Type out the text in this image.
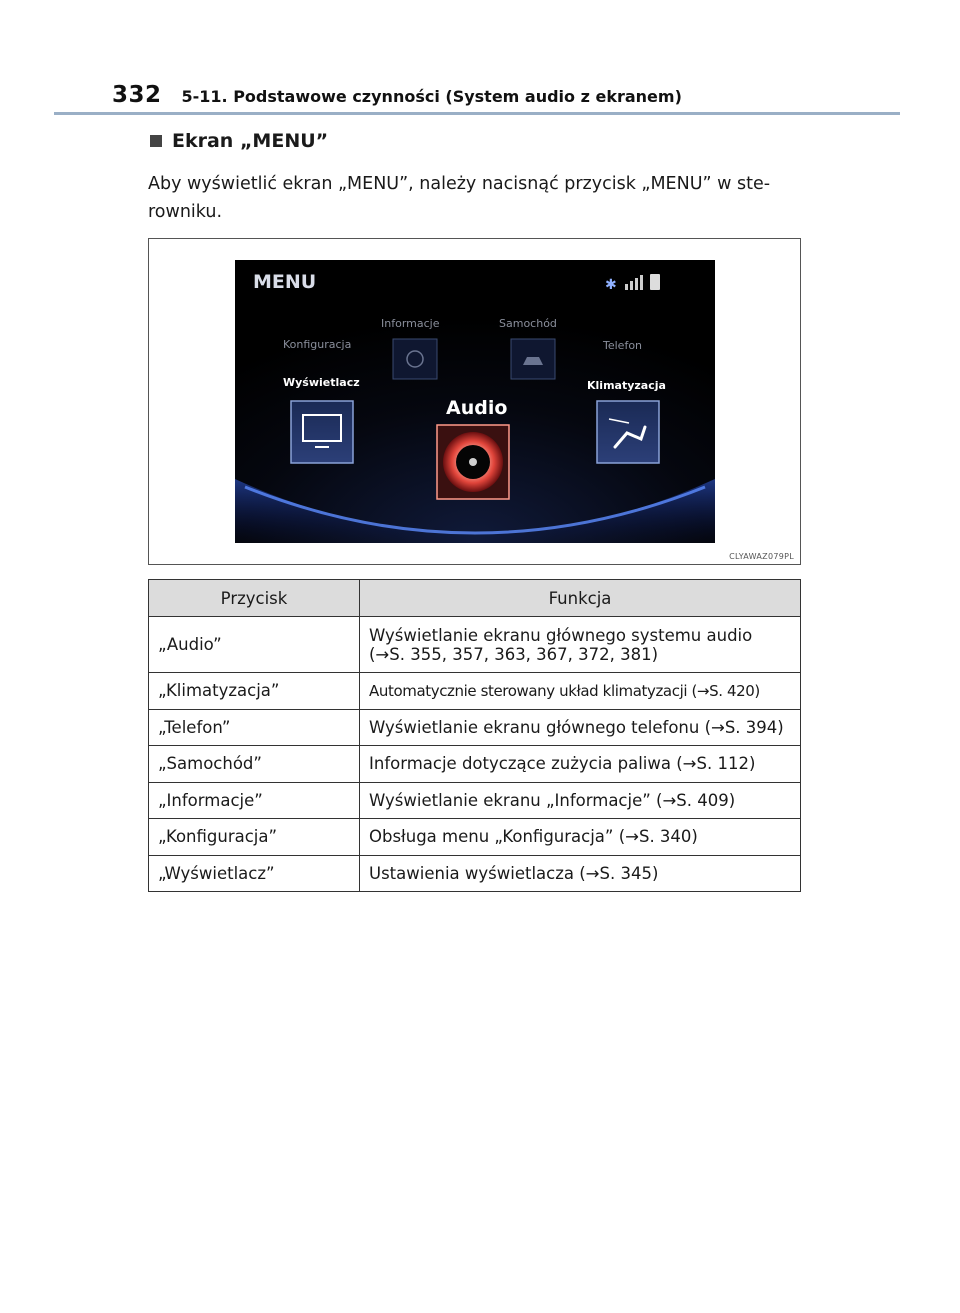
332 5-11. Podstawowe czynności (System audio z ekranem)
Ekran „MENU”

Aby wyświetlić ekran „MENU”, należy nacisnąć przycisk „MENU” w ste-rowniku.

MENU	✱
Konfiguracja
Informacje	Samochód
Telefon
Wyświetlacz	Klimatyzacja
Audio
CLYAWAZ079PL
Przycisk	Funkcja
„Audio”	Wyświetlanie ekranu głównego systemu audio
(→S. 355, 357, 363, 367, 372, 381)

„Klimatyzacja”	Automatycznie sterowany układ klimatyzacji (→S. 420)
„Telefon”	Wyświetlanie ekranu głównego telefonu (→S. 394)
„Samochód”	Informacje dotyczące zużycia paliwa (→S. 112)
„Informacje”	Wyświetlanie ekranu „Informacje” (→S. 409)
„Konfiguracja”	Obsługa menu „Konfiguracja” (→S. 340)
„Wyświetlacz”	Ustawienia wyświetlacza (→S. 345)
